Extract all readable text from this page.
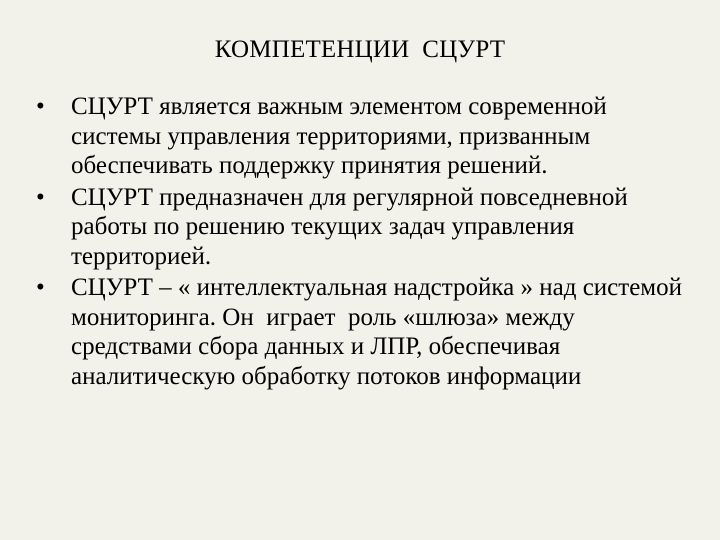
КОМПЕТЕНЦИИ  СЦУРТ
•	СЦУРТ является важным элементом современной системы управления территориями, призванным обеспечивать поддержку принятия решений.
•	СЦУРТ предназначен для регулярной повседневной работы по решению текущих задач управления территорией.
•	СЦУРТ – « интеллектуальная надстройка » над системой мониторинга. Он  играет  роль «шлюза» между средствами сбора данных и ЛПР, обеспечивая аналитическую обработку потоков информации
